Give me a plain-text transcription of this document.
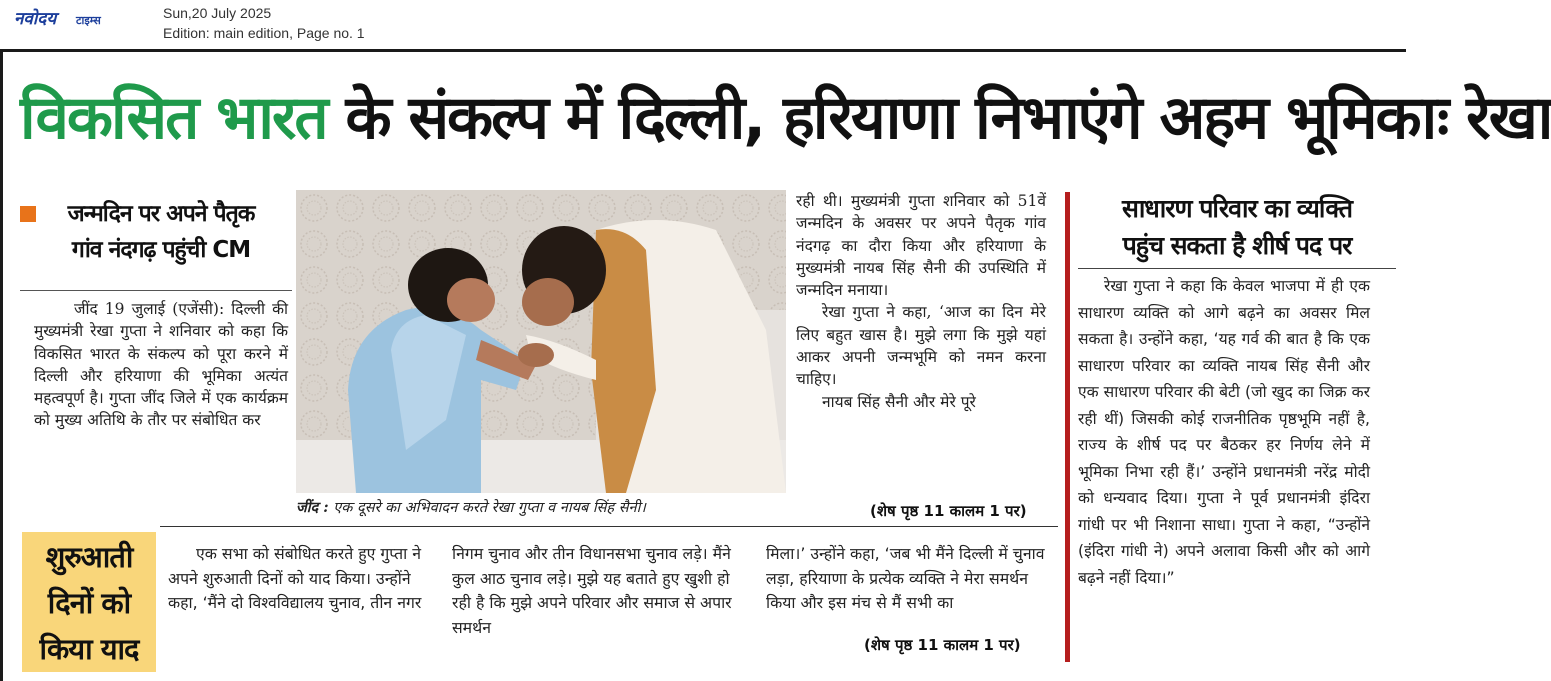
नवोदय	टाइम्स	Sun,20 July 2025
Edition: main edition, Page no. 1
विकसित भारत के संकल्प में दिल्ली, हरियाणा निभाएंगे अहम भूमिकाः रेखा
जन्मदिन पर अपने पैतृक
गांव नंदगढ़ पहुंची CM

जींद 19 जुलाई (एजेंसी): दिल्ली की मुख्यमंत्री रेखा गुप्ता ने शनिवार को कहा कि विकसित भारत के संकल्प को पूरा करने में दिल्ली और हरियाणा की भूमिका अत्यंत महत्वपूर्ण है। गुप्ता जींद जिले में एक कार्यक्रम को मुख्य अतिथि के तौर पर संबोधित कर

जींद : एक दूसरे का अभिवादन करते रेखा गुप्ता व नायब सिंह सैनी।

रही थी। मुख्यमंत्री गुप्ता शनिवार को 51वें जन्मदिन के अवसर पर अपने पैतृक गांव नंदगढ़ का दौरा किया और हरियाणा के मुख्यमंत्री नायब सिंह सैनी की उपस्थिति में जन्मदिन मनाया।

रेखा गुप्ता ने कहा, ‘आज का दिन मेरे लिए बहुत खास है। मुझे लगा कि मुझे यहां आकर अपनी जन्मभूमि को नमन करना चाहिए।

नायब सिंह सैनी और मेरे पूरे

(शेष पृष्ठ 11 कालम 1 पर)
साधारण परिवार का व्यक्ति
पहुंच सकता है शीर्ष पद पर
रेखा गुप्ता ने कहा कि केवल भाजपा में ही एक साधारण व्यक्ति को आगे बढ़ने का अवसर मिल सकता है। उन्होंने कहा, ‘यह गर्व की बात है कि एक साधारण परिवार का व्यक्ति नायब सिंह सैनी और एक साधारण परिवार की बेटी (जो खुद का जिक्र कर रही थीं) जिसकी कोई राजनीतिक पृष्ठभूमि नहीं है, राज्य के शीर्ष पद पर बैठकर हर निर्णय लेने में भूमिका निभा रही हैं।’ उन्होंने प्रधानमंत्री नरेंद्र मोदी को धन्यवाद दिया। गुप्ता ने पूर्व प्रधानमंत्री इंदिरा गांधी पर भी निशाना साधा। गुप्ता ने कहा, “उन्होंने (इंदिरा गांधी ने) अपने अलावा किसी और को आगे बढ़ने नहीं दिया।”
शुरुआती
दिनों को
किया याद

एक सभा को संबोधित करते हुए गुप्ता ने अपने शुरुआती दिनों को याद किया। उन्होंने कहा, ‘मैंने दो विश्वविद्यालय चुनाव, तीन नगर

निगम चुनाव और तीन विधानसभा चुनाव लड़े। मैंने कुल आठ चुनाव लड़े। मुझे यह बताते हुए खुशी हो रही है कि मुझे अपने परिवार और समाज से अपार समर्थन

मिला।’ उन्होंने कहा, ‘जब भी मैंने दिल्ली में चुनाव लड़ा, हरियाणा के प्रत्येक व्यक्ति ने मेरा समर्थन किया और इस मंच से मैं सभी का

(शेष पृष्ठ 11 कालम 1 पर)
